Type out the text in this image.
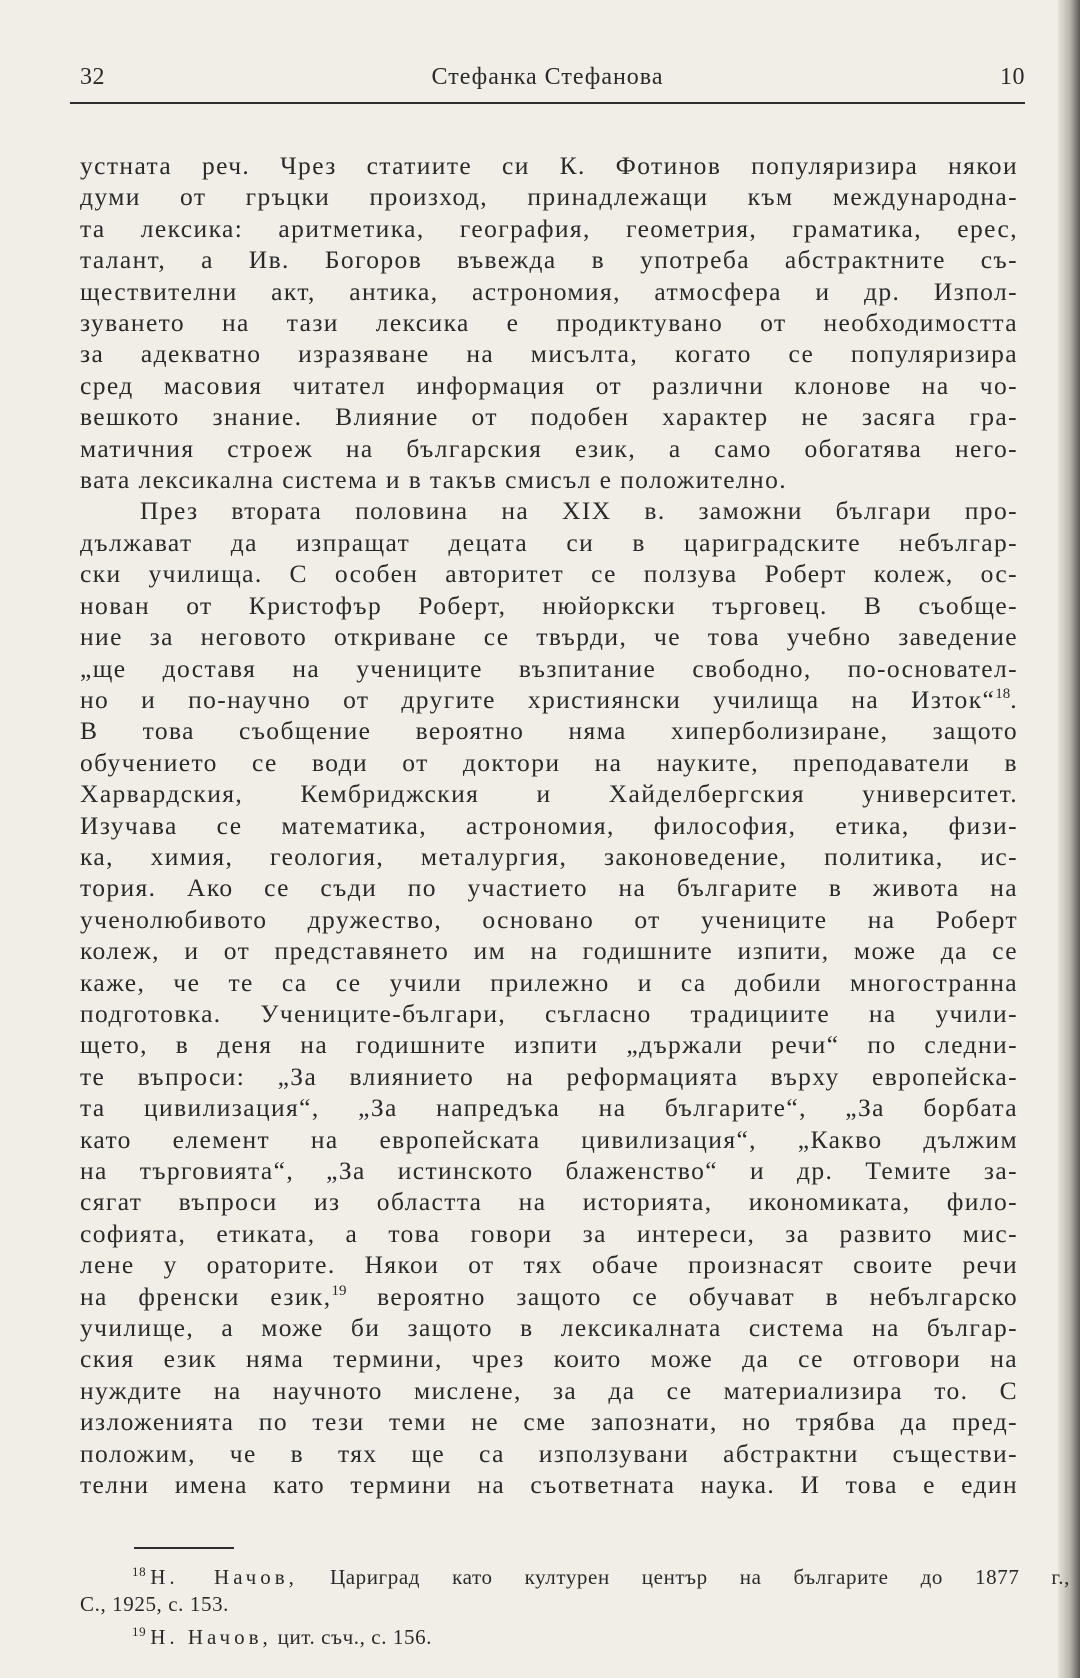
32	Стефанка Стефанова	10
устната реч. Чрез статиите си К. Фотинов популяризира някои
думи от гръцки произход, принадлежащи към международна-
та лексика: аритметика, география, геометрия, граматика, ерес,
талант, а Ив. Богоров въвежда в употреба абстрактните съ-
ществителни акт, антика, астрономия, атмосфера и др. Изпол-
зуването на тази лексика е продиктувано от необходимостта
за адекватно изразяване на мисълта, когато се популяризира
сред масовия читател информация от различни клонове на чо-
вешкото знание. Влияние от подобен характер не засяга гра-
матичния строеж на българския език, а само обогатява него-
вата лексикална система и в такъв смисъл е положително.
През втората половина на XIX в. заможни българи про-
дължават да изпращат децата си в цариградските небългар-
ски училища. С особен авторитет се ползува Роберт колеж, ос-
нован от Кристофър Роберт, нюйоркски търговец. В съобще-
ние за неговото откриване се твърди, че това учебно заведение
„ще доставя на учениците възпитание свободно, по-основател-
но и по-научно от другите християнски училища на Изток“$^{18}$.
В това съобщение вероятно няма хиперболизиране, защото
обучението се води от доктори на науките, преподаватели в
Харвардския, Кембриджския и Хайделбергския университет.
Изучава се математика, астрономия, философия, етика, физи-
ка, химия, геология, металургия, законоведение, политика, ис-
тория. Ако се съди по участието на българите в живота на
ученолюбивото дружество, основано от учениците на Роберт
колеж, и от представянето им на годишните изпити, може да се
каже, че те са се учили прилежно и са добили многостранна
подготовка. Учениците-българи, съгласно традициите на учили-
щето, в деня на годишните изпити „държали речи“ по следни-
те въпроси: „За влиянието на реформацията върху европейска-
та цивилизация“, „За напредъка на българите“, „За борбата
като елемент на европейската цивилизация“, „Какво дължим
на търговията“, „За истинското блаженство“ и др. Темите за-
сягат въпроси из областта на историята, икономиката, фило-
софията, етиката, а това говори за интереси, за развито мис-
лене у ораторите. Някои от тях обаче произнасят своите речи
на френски език,$^{19}$ вероятно защото се обучават в небългарско
училище, а може би защото в лексикалната система на българ-
ския език няма термини, чрез които може да се отговори на
нуждите на научното мислене, за да се материализира то. С
изложенията по тези теми не сме запознати, но трябва да пред-
положим, че в тях ще са използувани абстрактни съществи-
телни имена като термини на съответната наука. И това е един
$^{18}$ Н. Начов, Цариград като културен център на българите до 1877 г.,
С., 1925, с. 153.
$^{19}$ Н. Начов, цит. съч., с. 156.
